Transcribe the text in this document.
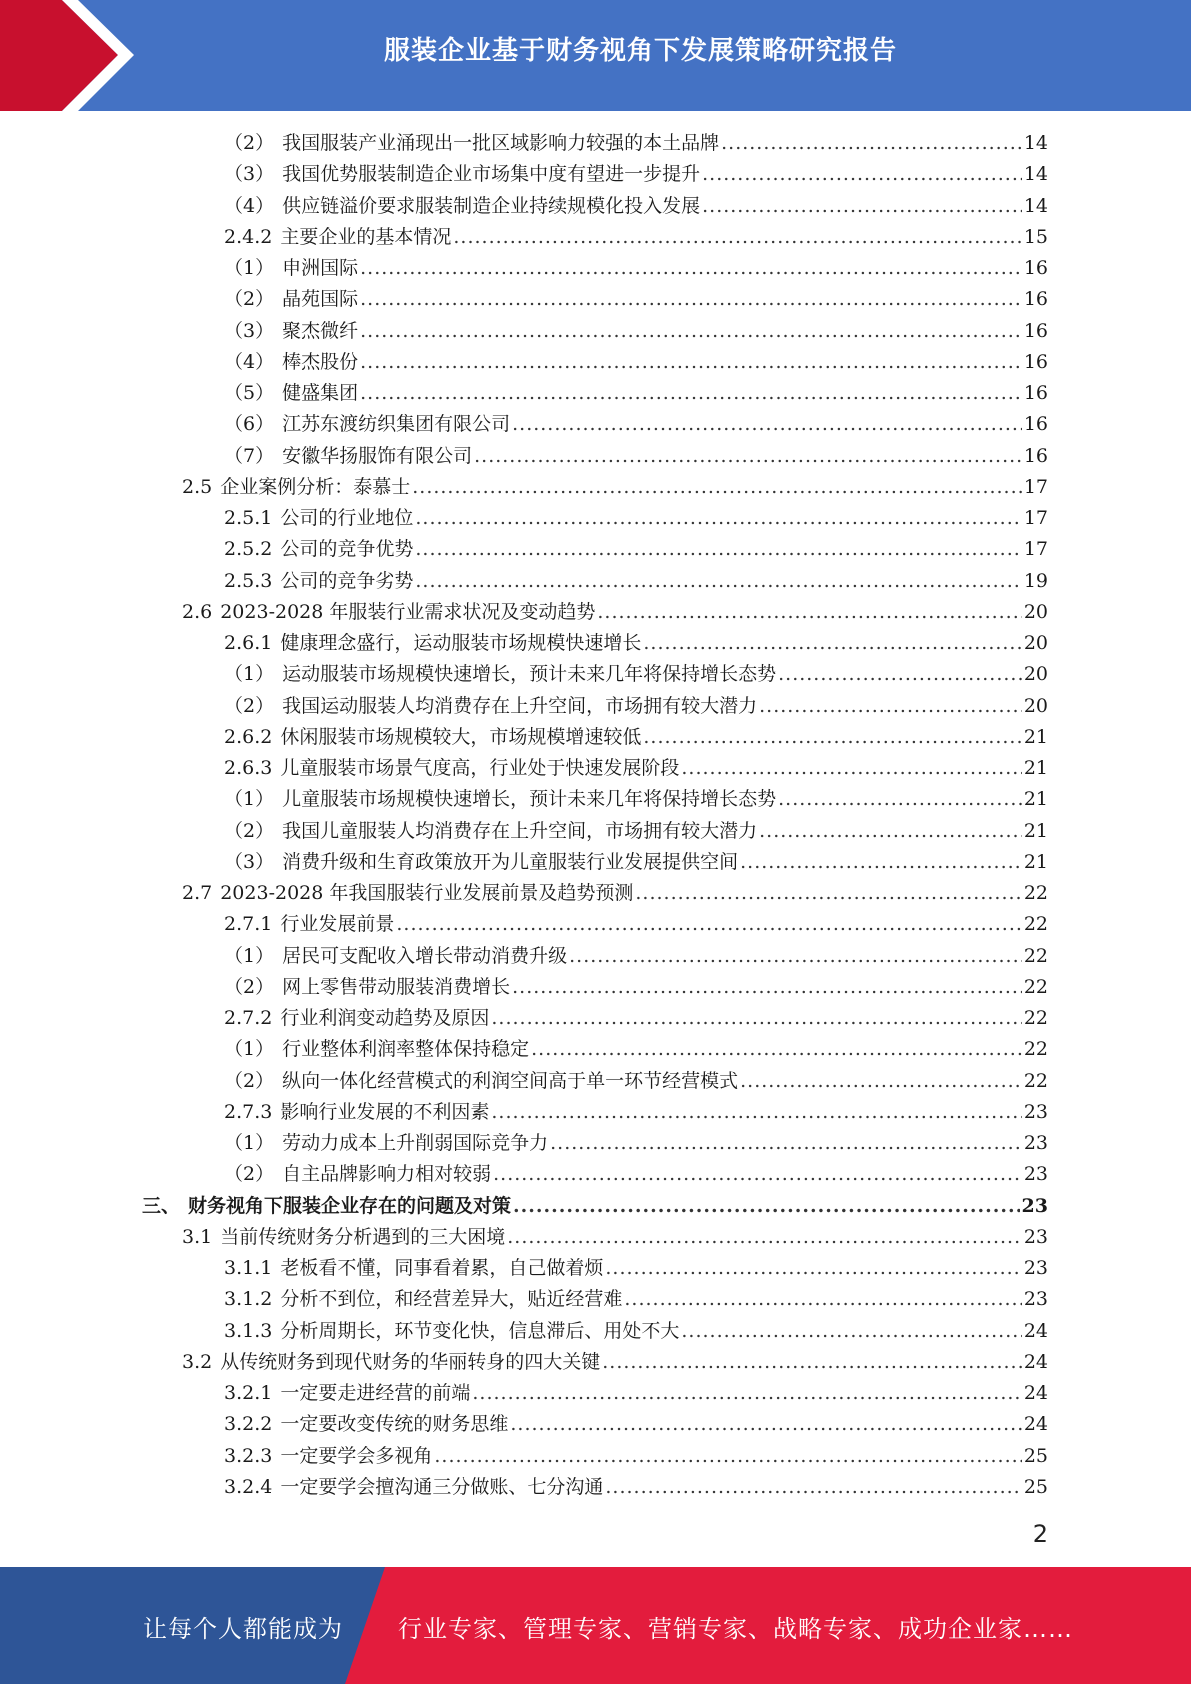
服装企业基于财务视角下发展策略研究报告
（2） 我国服装产业涌现出一批区域影响力较强的本土品牌 .....	14
（3） 我国优势服装制造企业市场集中度有望进一步提升 .....	14
（4） 供应链溢价要求服装制造企业持续规模化投入发展 .....	14
2.4.2 主要企业的基本情况 .....	15
（1） 申洲国际 .....	16
（2） 晶苑国际 .....	16
（3） 聚杰微纤 .....	16
（4） 棒杰股份 .....	16
（5） 健盛集团 .....	16
（6） 江苏东渡纺织集团有限公司 .....	16
（7） 安徽华扬服饰有限公司 .....	16
2.5 企业案例分析：泰慕士 .....	17
2.5.1 公司的行业地位 .....	17
2.5.2 公司的竞争优势 .....	17
2.5.3 公司的竞争劣势 .....	19
2.6 2023-2028 年服装行业需求状况及变动趋势 .....	20
2.6.1 健康理念盛行，运动服装市场规模快速增长 .....	20
（1） 运动服装市场规模快速增长，预计未来几年将保持增长态势 .....	20
（2） 我国运动服装人均消费存在上升空间，市场拥有较大潜力 .....	20
2.6.2 休闲服装市场规模较大，市场规模增速较低 .....	21
2.6.3 儿童服装市场景气度高，行业处于快速发展阶段 .....	21
（1） 儿童服装市场规模快速增长，预计未来几年将保持增长态势 .....	21
（2） 我国儿童服装人均消费存在上升空间，市场拥有较大潜力 .....	21
（3） 消费升级和生育政策放开为儿童服装行业发展提供空间 .....	21
2.7 2023-2028 年我国服装行业发展前景及趋势预测 .....	22
2.7.1 行业发展前景 .....	22
（1） 居民可支配收入增长带动消费升级 .....	22
（2） 网上零售带动服装消费增长 .....	22
2.7.2 行业利润变动趋势及原因 .....	22
（1） 行业整体利润率整体保持稳定 .....	22
（2） 纵向一体化经营模式的利润空间高于单一环节经营模式 .....	22
2.7.3 影响行业发展的不利因素 .....	23
（1） 劳动力成本上升削弱国际竞争力 .....	23
（2） 自主品牌影响力相对较弱 .....	23
三、 财务视角下服装企业存在的问题及对策 .....	23
3.1 当前传统财务分析遇到的三大困境 .....	23
3.1.1 老板看不懂，同事看着累，自己做着烦 .....	23
3.1.2 分析不到位，和经营差异大，贴近经营难 .....	23
3.1.3 分析周期长，环节变化快，信息滞后、用处不大 .....	24
3.2 从传统财务到现代财务的华丽转身的四大关键 .....	24
3.2.1 一定要走进经营的前端 .....	24
3.2.2 一定要改变传统的财务思维 .....	24
3.2.3 一定要学会多视角 .....	25
3.2.4 一定要学会擅沟通三分做账、七分沟通 .....	25
2
让每个人都能成为 行业专家、管理专家、营销专家、战略专家、成功企业家……
